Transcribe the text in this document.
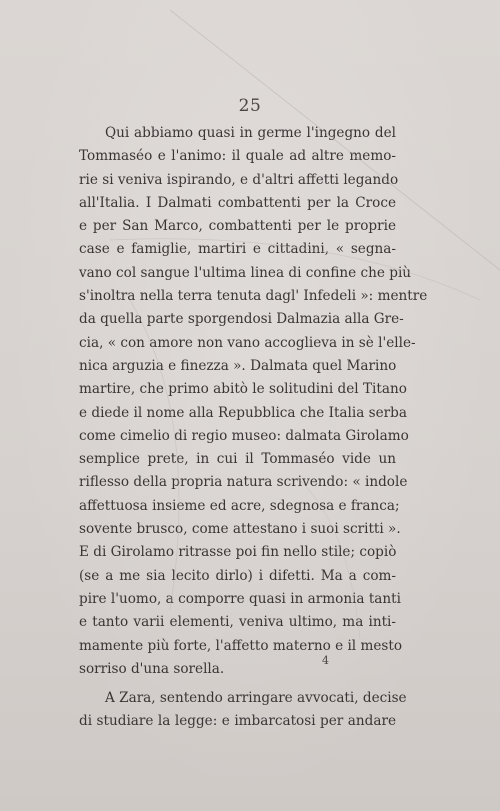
25
Qui abbiamo quasi in germe l'ingegno del
Tommaséo e l'animo: il quale ad altre memo-
rie si veniva ispirando, e d'altri affetti legando
all'Italia. I Dalmati combattenti per la Croce
e per San Marco, combattenti per le proprie
case e famiglie, martiri e cittadini, « segna-
vano col sangue l'ultima linea di confine che più
s'inoltra nella terra tenuta dagl' Infedeli »: mentre
da quella parte sporgendosi Dalmazia alla Gre-
cia, « con amore non vano accoglieva in sè l'elle-
nica arguzia e finezza ». Dalmata quel Marino
martire, che primo abitò le solitudini del Titano
e diede il nome alla Repubblica che Italia serba
come cimelio di regio museo: dalmata Girolamo
semplice prete, in cui il Tommaséo vide un
riflesso della propria natura scrivendo: « indole
affettuosa insieme ed acre, sdegnosa e franca;
sovente brusco, come attestano i suoi scritti ».
E di Girolamo ritrasse poi fin nello stile; copiò
(se a me sia lecito dirlo) i difetti. Ma a com-
pire l'uomo, a comporre quasi in armonia tanti
e tanto varii elementi, veniva ultimo, ma inti-
mamente più forte, l'affetto materno e il mesto
sorriso d'una sorella.
A Zara, sentendo arringare avvocati, decise
di studiare la legge: e imbarcatosi per andare
4
